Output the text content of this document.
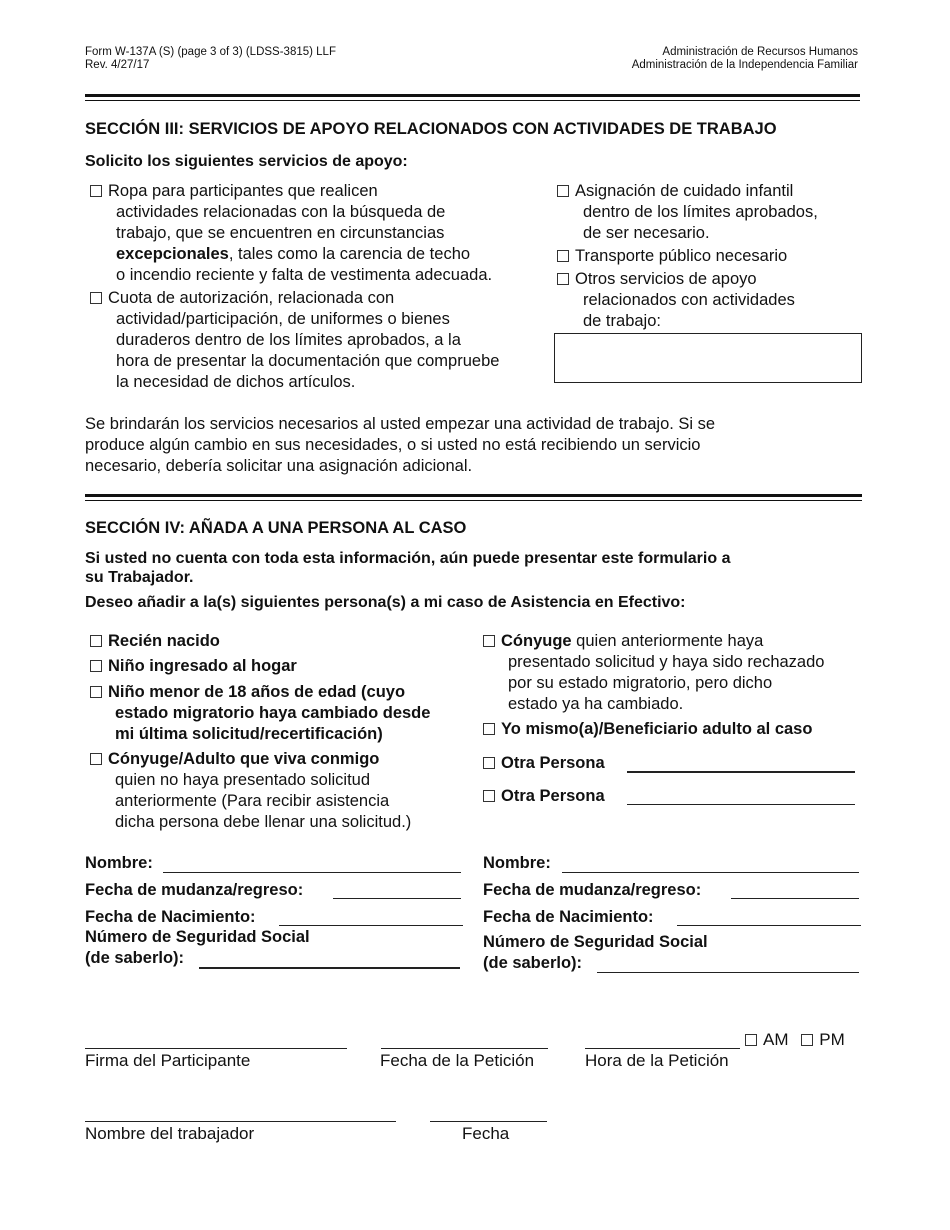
Form W-137A (S) (page 3 of 3) (LDSS-3815) LLF
Rev. 4/27/17
Administración de Recursos Humanos
Administración de la Independencia Familiar
SECCIÓN III: SERVICIOS DE APOYO RELACIONADOS CON ACTIVIDADES DE TRABAJO
Solicito los siguientes servicios de apoyo:
Ropa para participantes que realicen
actividades relacionadas con la búsqueda de
trabajo, que se encuentren en circunstancias
excepcionales, tales como la carencia de techo
o incendio reciente y falta de vestimenta adecuada.
Cuota de autorización, relacionada con
actividad/participación, de uniformes o bienes
duraderos dentro de los límites aprobados, a la
hora de presentar la documentación que compruebe
la necesidad de dichos artículos.
Asignación de cuidado infantil
dentro de los límites aprobados,
de ser necesario.
Transporte público necesario
Otros servicios de apoyo
relacionados con actividades
de trabajo:
Se brindarán los servicios necesarios al usted empezar una actividad de trabajo. Si se
produce algún cambio en sus necesidades, o si usted no está recibiendo un servicio
necesario, debería solicitar una asignación adicional.
SECCIÓN IV: AÑADA A UNA PERSONA AL CASO
Si usted no cuenta con toda esta información, aún puede presentar este formulario a
su Trabajador.
Deseo añadir a la(s) siguientes persona(s) a mi caso de Asistencia en Efectivo:
Recién nacido
Niño ingresado al hogar
Niño menor de 18 años de edad (cuyo
estado migratorio haya cambiado desde
mi última solicitud/recertificación)
Cónyuge/Adulto que viva conmigo
quien no haya presentado solicitud
anteriormente (Para recibir asistencia
dicha persona debe llenar una solicitud.)
Cónyuge quien anteriormente haya
presentado solicitud y haya sido rechazado
por su estado migratorio, pero dicho
estado ya ha cambiado.
Yo mismo(a)/Beneficiario adulto al caso
Otra Persona
Otra Persona
Nombre:
Fecha de mudanza/regreso:
Fecha de Nacimiento:
Número de Seguridad Social
(de saberlo):
Nombre:
Fecha de mudanza/regreso:
Fecha de Nacimiento:
Número de Seguridad Social
(de saberlo):
Firma del Participante	Fecha de la Petición	Hora de la Petición
AM PM
Nombre del trabajador	Fecha
